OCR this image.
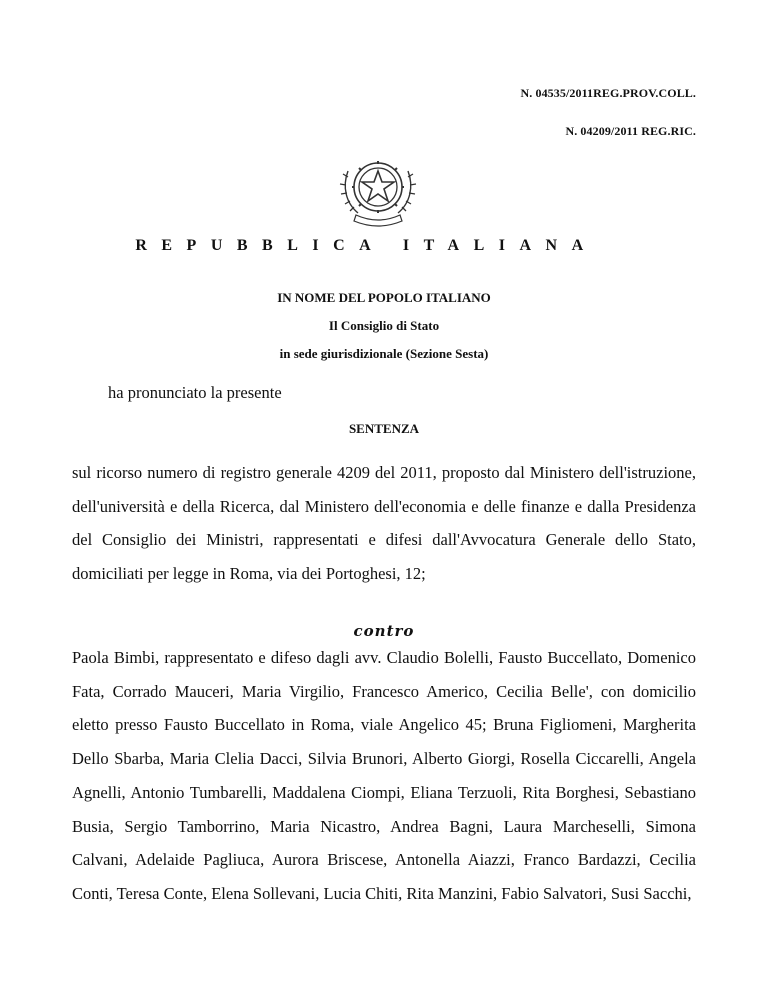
N. 04535/2011REG.PROV.COLL.
N. 04209/2011 REG.RIC.
REPUBBLICA ITALIANA
IN NOME DEL POPOLO ITALIANO
Il Consiglio di Stato
in sede giurisdizionale (Sezione Sesta)
ha pronunciato la presente
SENTENZA
sul ricorso numero di registro generale 4209 del 2011, proposto dal Ministero dell'istruzione, dell'università e della Ricerca, dal Ministero dell'economia e delle finanze e dalla Presidenza del Consiglio dei Ministri, rappresentati e difesi dall'Avvocatura Generale dello Stato, domiciliati per legge in Roma, via dei Portoghesi, 12;
contro
Paola Bimbi, rappresentato e difeso dagli avv. Claudio Bolelli, Fausto Buccellato, Domenico Fata, Corrado Mauceri, Maria Virgilio, Francesco Americo, Cecilia Belle', con domicilio eletto presso Fausto Buccellato in Roma, viale Angelico 45; Bruna Figliomeni, Margherita Dello Sbarba, Maria Clelia Dacci, Silvia Brunori, Alberto Giorgi, Rosella Ciccarelli, Angela Agnelli, Antonio Tumbarelli, Maddalena Ciompi, Eliana Terzuoli, Rita Borghesi, Sebastiano Busia, Sergio Tamborrino, Maria Nicastro, Andrea Bagni, Laura Marcheselli, Simona Calvani, Adelaide Pagliuca, Aurora Briscese, Antonella Aiazzi, Franco Bardazzi, Cecilia Conti, Teresa Conte, Elena Sollevani, Lucia Chiti, Rita Manzini, Fabio Salvatori, Susi Sacchi,
